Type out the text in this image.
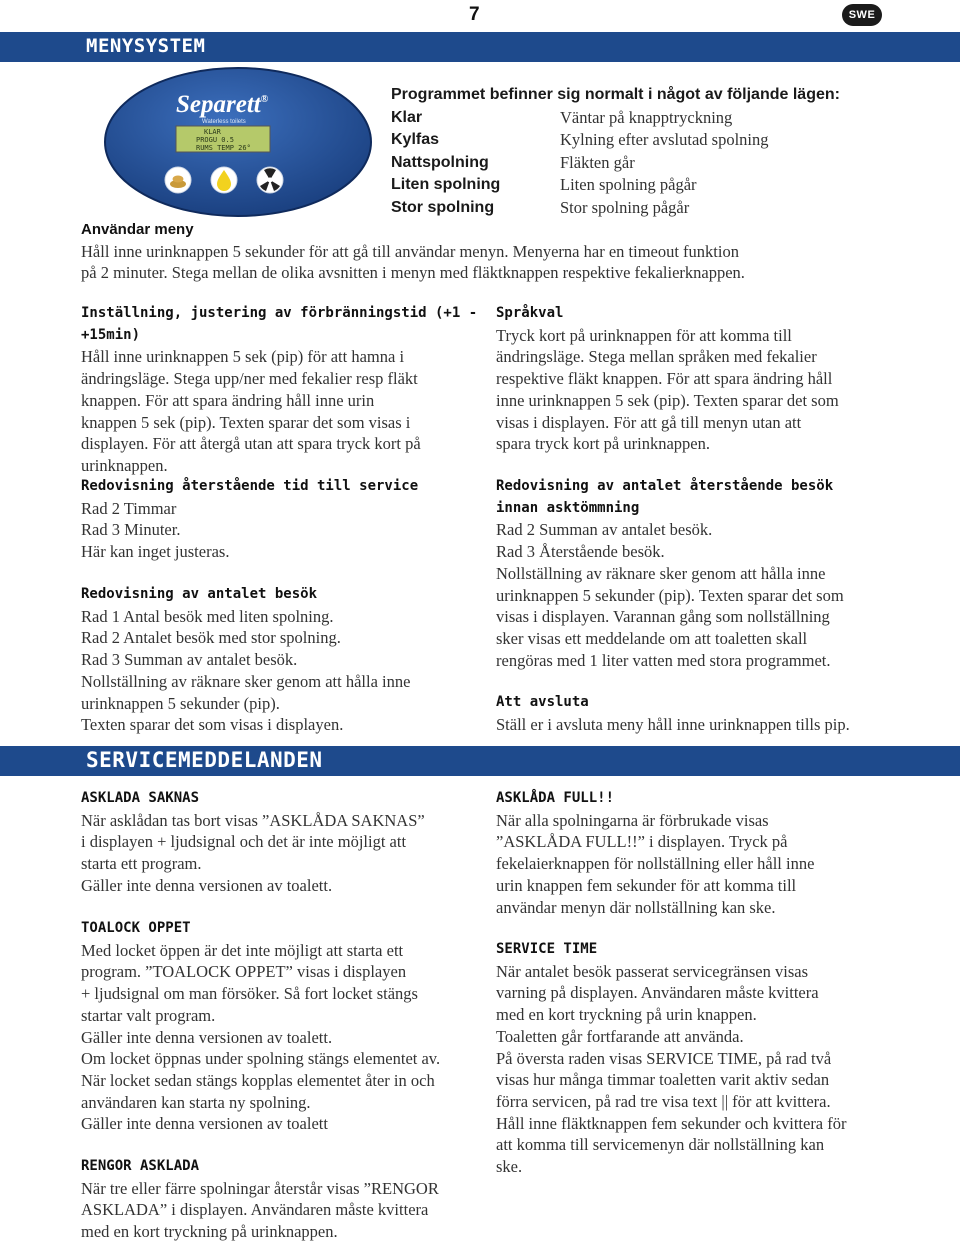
7	SWE
MENYSYSTEM
Separett®
Waterless toilets
KLAR
PROGU 0.5
RUMS TEMP 26°
Programmet befinner sig normalt i något av följande lägen:
Klar	Väntar på knapptryckning
Kylfas	Kylning efter avslutad spolning
Nattspolning	Fläkten går
Liten spolning	Liten spolning pågår
Stor spolning	Stor spolning pågår

Användar meny

Håll inne urinknappen 5 sekunder för att gå till användar menyn. Menyerna har en timeout funktion

på 2 minuter. Stega mellan de olika avsnitten i menyn med fläktknappen respektive fekalierknappen.

Inställning, justering av förbränningstid (+1 - +15min)

Håll inne urinknappen 5 sek (pip) för att hamna i

ändringsläge. Stega upp/ner med fekalier resp fläkt

knappen. För att spara ändring håll inne urin

knappen 5 sek (pip). Texten sparar det som visas i

displayen. För att återgå utan att spara tryck kort på

urinknappen.

Redovisning återstående tid till service

Rad 2 Timmar

Rad 3 Minuter.

Här kan inget justeras.

Redovisning av antalet besök

Rad 1 Antal besök med liten spolning.

Rad 2 Antalet besök med stor spolning.

Rad 3 Summan av antalet besök.

Nollställning av räknare sker genom att hålla inne

urinknappen 5 sekunder (pip).

Texten sparar det som visas i displayen.

Språkval

Tryck kort på urinknappen för att komma till

ändringsläge. Stega mellan språken med fekalier

respektive fläkt knappen. För att spara ändring håll

inne urinknappen 5 sek (pip). Texten sparar det som

visas i displayen. För att gå till menyn utan att

spara tryck kort på urinknappen.

Redovisning av antalet återstående besök

innan asktömmning

Rad 2 Summan av antalet besök.

Rad 3 Återstående besök.

Nollställning av räknare sker genom att hålla inne

urinknappen 5 sekunder (pip). Texten sparar det som

visas i displayen. Varannan gång som nollställning

sker visas ett meddelande om att toaletten skall

rengöras med 1 liter vatten med stora programmet.

Att avsluta

Ställ er i avsluta meny håll inne urinknappen tills pip.

SERVICEMEDDELANDEN

ASKLADA SAKNAS

När asklådan tas bort visas ”ASKLÅDA SAKNAS”

i displayen + ljudsignal och det är inte möjligt att

starta ett program.

Gäller inte denna versionen av toalett.

TOALOCK OPPET

Med locket öppen är det inte möjligt att starta ett

program. ”TOALOCK OPPET” visas i displayen

+ ljudsignal om man försöker. Så fort locket stängs

startar valt program.

Gäller inte denna versionen av toalett.

Om locket öppnas under spolning stängs elementet av.

När locket sedan stängs kopplas elementet åter in och

användaren kan starta ny spolning.

Gäller inte denna versionen av toalett

RENGOR ASKLADA

När tre eller färre spolningar återstår visas ”RENGOR

ASKLADA” i displayen. Användaren måste kvittera

med en kort tryckning på urinknappen.

ASKLÅDA FULL!!

När alla spolningarna är förbrukade visas

”ASKLÅDA FULL!!” i displayen. Tryck på

fekelaierknappen för nollställning eller håll inne

urin knappen fem sekunder för att komma till

användar menyn där nollställning kan ske.

SERVICE TIME

När antalet besök passerat servicegränsen visas

varning på displayen. Användaren måste kvittera

med en kort tryckning på urin knappen.

Toaletten går fortfarande att använda.

På översta raden visas SERVICE TIME, på rad två

visas hur många timmar toaletten varit aktiv sedan

förra servicen, på rad tre visa text || för att kvittera.

Håll inne fläktknappen fem sekunder och kvittera för

att komma till servicemenyn där nollställning kan

ske.
